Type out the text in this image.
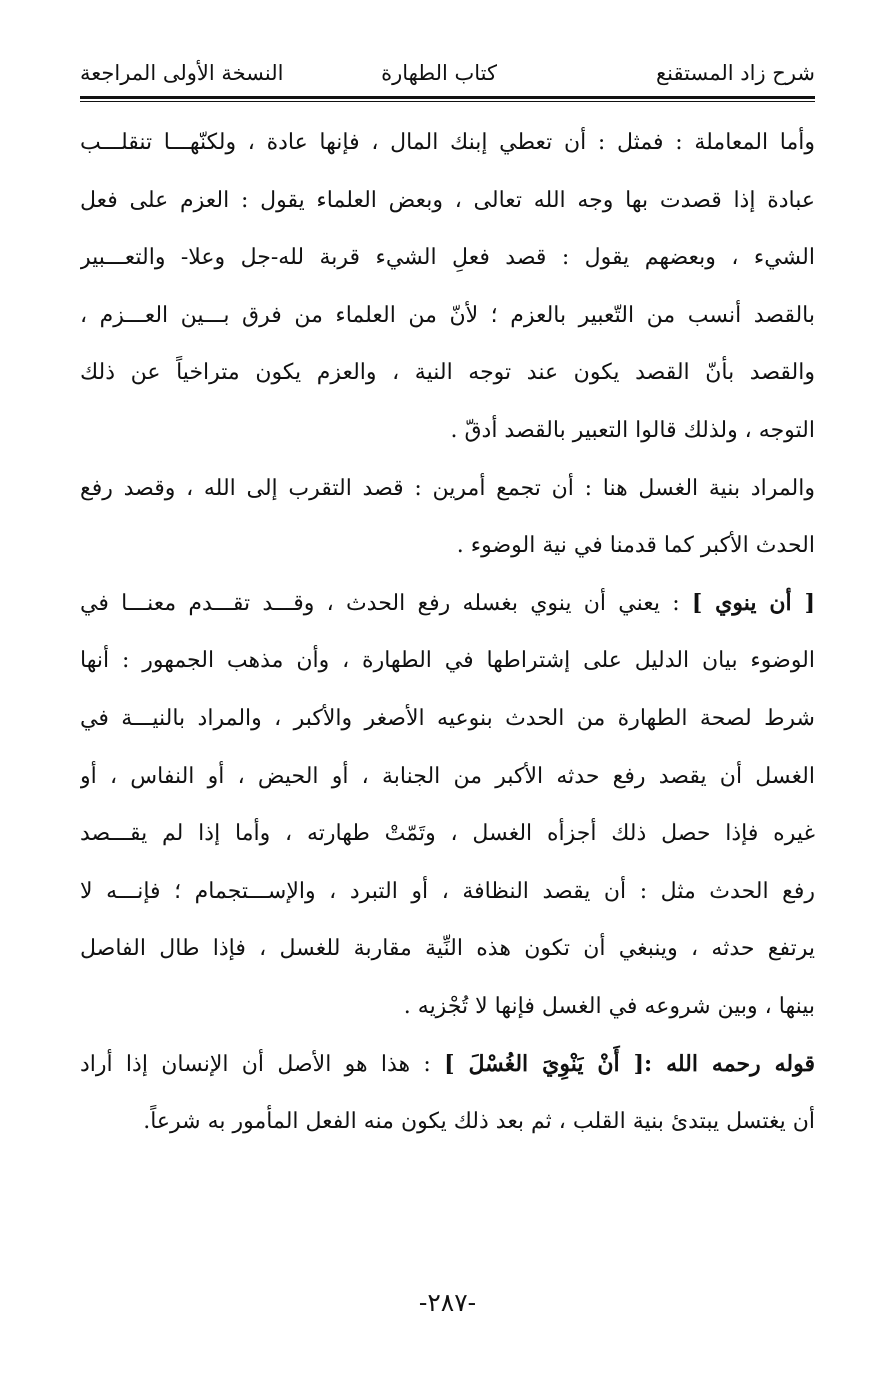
شرح زاد المستقنع
كتاب الطهارة
النسخة الأولى المراجعة
وأما المعاملة : فمثل : أن تعطي إبنك المال ، فإنها عادة ، ولكنّهـــا تنقلـــب
عبادة إذا قصدت بها وجه الله تعالى ، وبعض العلماء يقول : العزم على فعل
الشيء ، وبعضهم يقول : قصد فعلِ الشيء قربة لله-جل وعلا- والتعـــبير
بالقصد أنسب من التّعبير بالعزم ؛ لأنّ من العلماء من فرق بـــين العـــزم ،
والقصد بأنّ القصد يكون عند توجه النية ، والعزم يكون متراخياً عن ذلك
التوجه ، ولذلك قالوا التعبير بالقصد أدقّ .
والمراد بنية الغسل هنا : أن تجمع أمرين : قصد التقرب إلى الله ، وقصد رفع
الحدث الأكبر كما قدمنا في نية الوضوء .
[ أن ينوي ] : يعني أن ينوي بغسله رفع الحدث ، وقـــد تقـــدم معنـــا في
الوضوء بيان الدليل على إشتراطها في الطهارة ، وأن مذهب الجمهور : أنها
شرط لصحة الطهارة من الحدث بنوعيه الأصغر والأكبر ، والمراد بالنيـــة في
الغسل أن يقصد رفع حدثه الأكبر من الجنابة ، أو الحيض ، أو النفاس ، أو
غيره فإذا حصل ذلك أجزأه الغسل ، وتَمّتْ طهارته ، وأما إذا لم يقـــصد
رفع الحدث مثل : أن يقصد النظافة ، أو التبرد ، والإســـتجمام ؛ فإنـــه لا
يرتفع حدثه ، وينبغي أن تكون هذه النِّية مقاربة للغسل ، فإذا طال الفاصل
بينها ، وبين شروعه في الغسل فإنها لا تُجْزيه .
قوله رحمه الله :[ أَنْ يَنْوِيَ الغُسْلَ ] : هذا هو الأصل أن الإنسان إذا أراد
أن يغتسل يبتدئ بنية القلب ، ثم بعد ذلك يكون منه الفعل المأمور به شرعاً.
-٢٨٧-
